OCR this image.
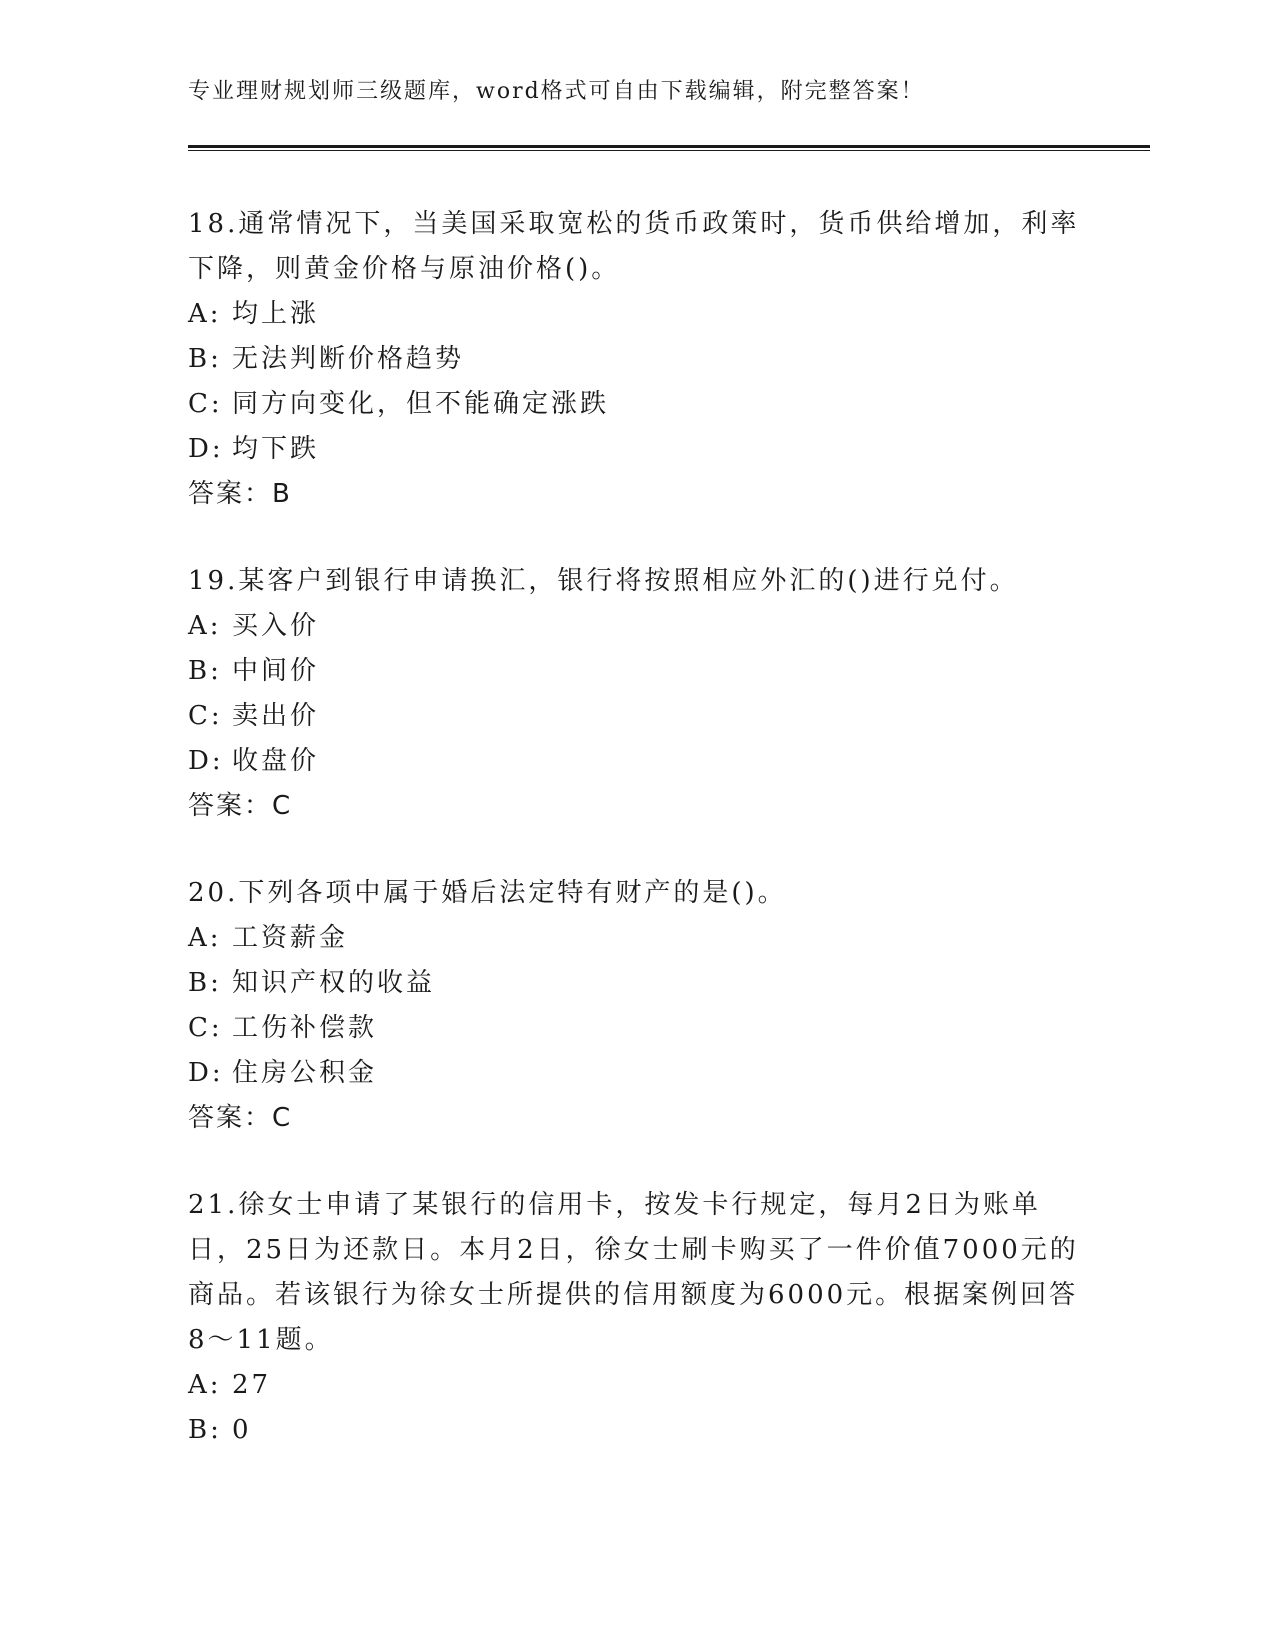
专业理财规划师三级题库，word格式可自由下载编辑，附完整答案！

18.通常情况下，当美国采取宽松的货币政策时，货币供给增加，利率下降，则黄金价格与原油价格()。

A: 均上涨

B: 无法判断价格趋势

C: 同方向变化，但不能确定涨跌

D: 均下跌

答案：B

19.某客户到银行申请换汇，银行将按照相应外汇的()进行兑付。

A: 买入价

B: 中间价

C: 卖出价

D: 收盘价

答案：C

20.下列各项中属于婚后法定特有财产的是()。

A: 工资薪金

B: 知识产权的收益

C: 工伤补偿款

D: 住房公积金

答案：C

21.徐女士申请了某银行的信用卡，按发卡行规定，每月2日为账单日，25日为还款日。本月2日，徐女士刷卡购买了一件价值7000元的商品。若该银行为徐女士所提供的信用额度为6000元。根据案例回答8～11题。

A: 27

B: 0
